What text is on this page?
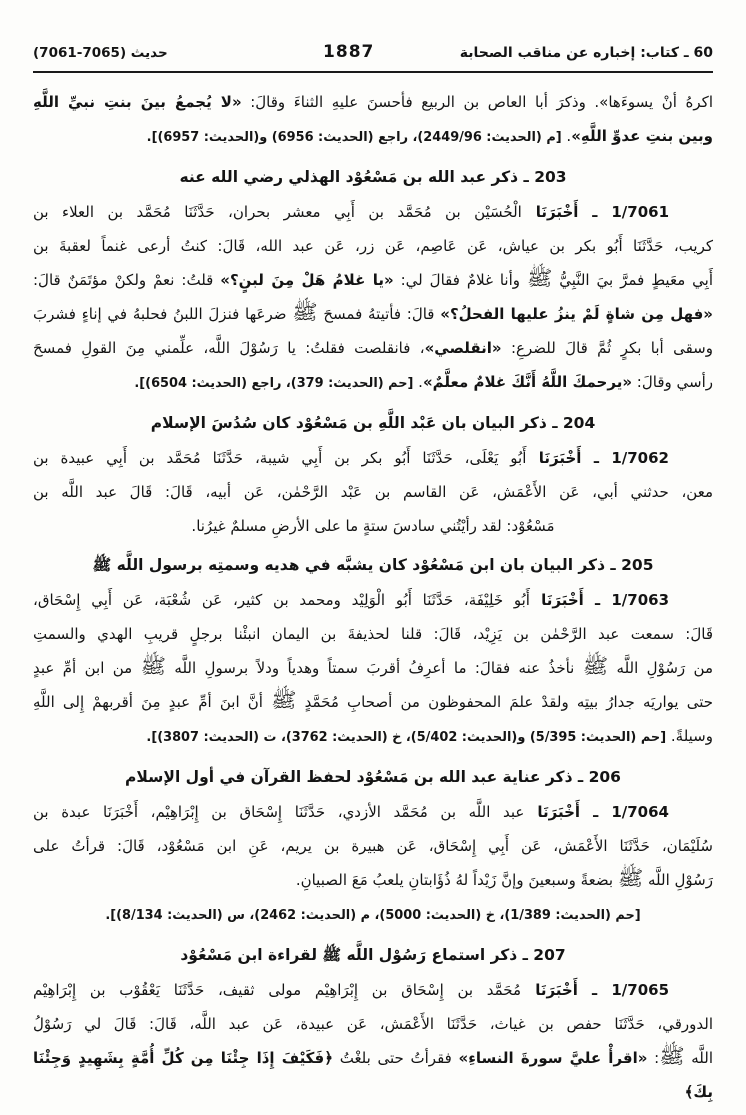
60 ـ كتاب: إخباره عن مناقب الصحابة
1887
حديث (7065-7061)
اكرهُ أنْ يسوءَها». وذكرَ أبا العاص بن الربيع فأحسنَ عليهِ الثناءَ وقالَ: «لا يُجمعُ بينَ بنتِ نبيِّ اللَّهِ
وبين بنتِ عدوِّ اللَّهِ». [م (الحديث: 2449/96)، راجع (الحديث: 6956) و(الحديث: 6957)].
203 ـ ذكر عبد الله بن مَسْعُوْد الهذلي رضي الله عنه
1/7061 ـ أَخْبَرَنَا الْحُسَيْن بن مُحَمَّد بن أَبِي معشر بحران، حَدَّثَنَا مُحَمَّد بن العلاء بن
كريب، حَدَّثَنَا أَبُو بكر بن عياش، عَن عَاصِم، عَن زر، عَن عبد الله، قَالَ: كنتُ أرعى غنماً لعقبةَ بن
أَبِي معَيطٍ فمرَّ بيَ النَّبِيُّ ﷺ وأنا غلامٌ فقالَ لي: «يا غلامُ هَلْ مِنَ لبنٍ؟» قلتُ: نعمْ ولكنْ مؤتَمَنٌ قالَ:
«فهل مِن شاةٍ لَمْ ينزُ عليها الفحلُ؟» قالَ: فأتيتهُ فمسحَ ﷺ ضرعَها فنزلَ اللبنُ فحلبهُ في إناءٍ فشربَ
وسقى أبا بكرٍ ثُمَّ قالَ للضرعِ: «انقلصي»، فانقلصت فقلتُ: يا رَسُوْلَ اللَّه، علِّمني مِنَ القولِ فمسحَ
رأسي وقالَ: «يرحمكَ اللَّهُ أَنَّكَ غلامٌ معلَّمٌ». [حم (الحديث: 379)، راجع (الحديث: 6504)].
204 ـ ذكر البيان بان عَبْد اللَّهِ بن مَسْعُوْد كان سُدُسَ الإسلام
1/7062 ـ أَخْبَرَنَا أَبُو يَعْلَى، حَدَّثَنَا أَبُو بكر بن أَبِي شيبة، حَدَّثَنَا مُحَمَّد بن أَبِي عبيدة بن
معن، حدثني أبي، عَن الأَعْمَش، عَن القاسم بن عَبْد الرَّحْمٰن، عَن أبيه، قَالَ: قَالَ عبد اللَّه بن
مَسْعُوْد: لقد رأيْتُني سادسَ ستةٍ ما على الأرضِ مسلمٌ غيرُنا.
205 ـ ذكر البيان بان ابن مَسْعُوْد كان يشبَّه في هديه وسمتِه برسول اللَّه ﷺ
1/7063 ـ أَخْبَرَنَا أَبُو خَلِيْفَة، حَدَّثَنَا أَبُو الْوَلِيْد ومحمد بن كثير، عَن شُعْبَة، عَن أَبِي إِسْحَاق،
قَالَ: سمعت عبد الرَّحْمٰن بن يَزِيْد، قَالَ: قلنا لحذيفةَ بن اليمان انبئْنا برجلٍ قريبِ الهدي والسمتِ
من رَسُوْلِ اللَّه ﷺ نأخذُ عنه فقالَ: ما أعرِفُ أقربَ سمتاً وهدياً ودلاً برسولِ اللَّه ﷺ من ابن أمِّ عبدٍ
حتى يواريَه جدارُ بيتِه ولقدْ علمَ المحفوظون من أصحابِ مُحَمَّدٍ ﷺ أنَّ ابنَ أمِّ عبدٍ مِنَ أقربهمْ إِلى اللَّهِ
وسيلةً. [حم (الحديث: 5/395) و(الحديث: 5/402)، خ (الحديث: 3762)، ت (الحديث: 3807)].
206 ـ ذكر عناية عبد الله بن مَسْعُوْد لحفظ القرآن في أول الإسلام
1/7064 ـ أَخْبَرَنَا عبد اللَّه بن مُحَمَّد الأزدي، حَدَّثَنَا إِسْحَاق بن إِبْرَاهِيْم، أَخْبَرَنَا عبدة بن
سُلَيْمَان، حَدَّثَنَا الأَعْمَش، عَن أَبِي إِسْحَاق، عَن هبيرة بن يريم، عَنِ ابن مَسْعُوْد، قَالَ: قرأتُ على
رَسُوْلِ اللَّه ﷺ بضعةً وسبعينَ وإنَّ زَيْداً لهُ ذُؤَابتانِ يلعبُ مَعَ الصبيانِ.
[حم (الحديث: 1/389)، خ (الحديث: 5000)، م (الحديث: 2462)، س (الحديث: 8/134)].
207 ـ ذكر استماع رَسُوْل اللَّه ﷺ لقراءة ابن مَسْعُوْد
1/7065 ـ أَخْبَرَنَا مُحَمَّد بن إِسْحَاق بن إِبْرَاهِيْم مولى ثقيف، حَدَّثَنَا يَعْقُوْب بن إِبْرَاهِيْم
الدورقي، حَدَّثَنَا حفص بن غياث، حَدَّثَنَا الأَعْمَش، عَن عبيدة، عَن عبد اللَّه، قَالَ: قَالَ لي رَسُوْلُ
اللَّه ﷺ: «اقرأْ عليَّ سورةَ النساءِ» فقرأتُ حتى بلغْتُ ﴿فَكَيْفَ إِذَا جِئْنَا مِن كُلِّ أُمَّةٍ بِشَهِيدٍ وَجِئْنَا بِكَ﴾
